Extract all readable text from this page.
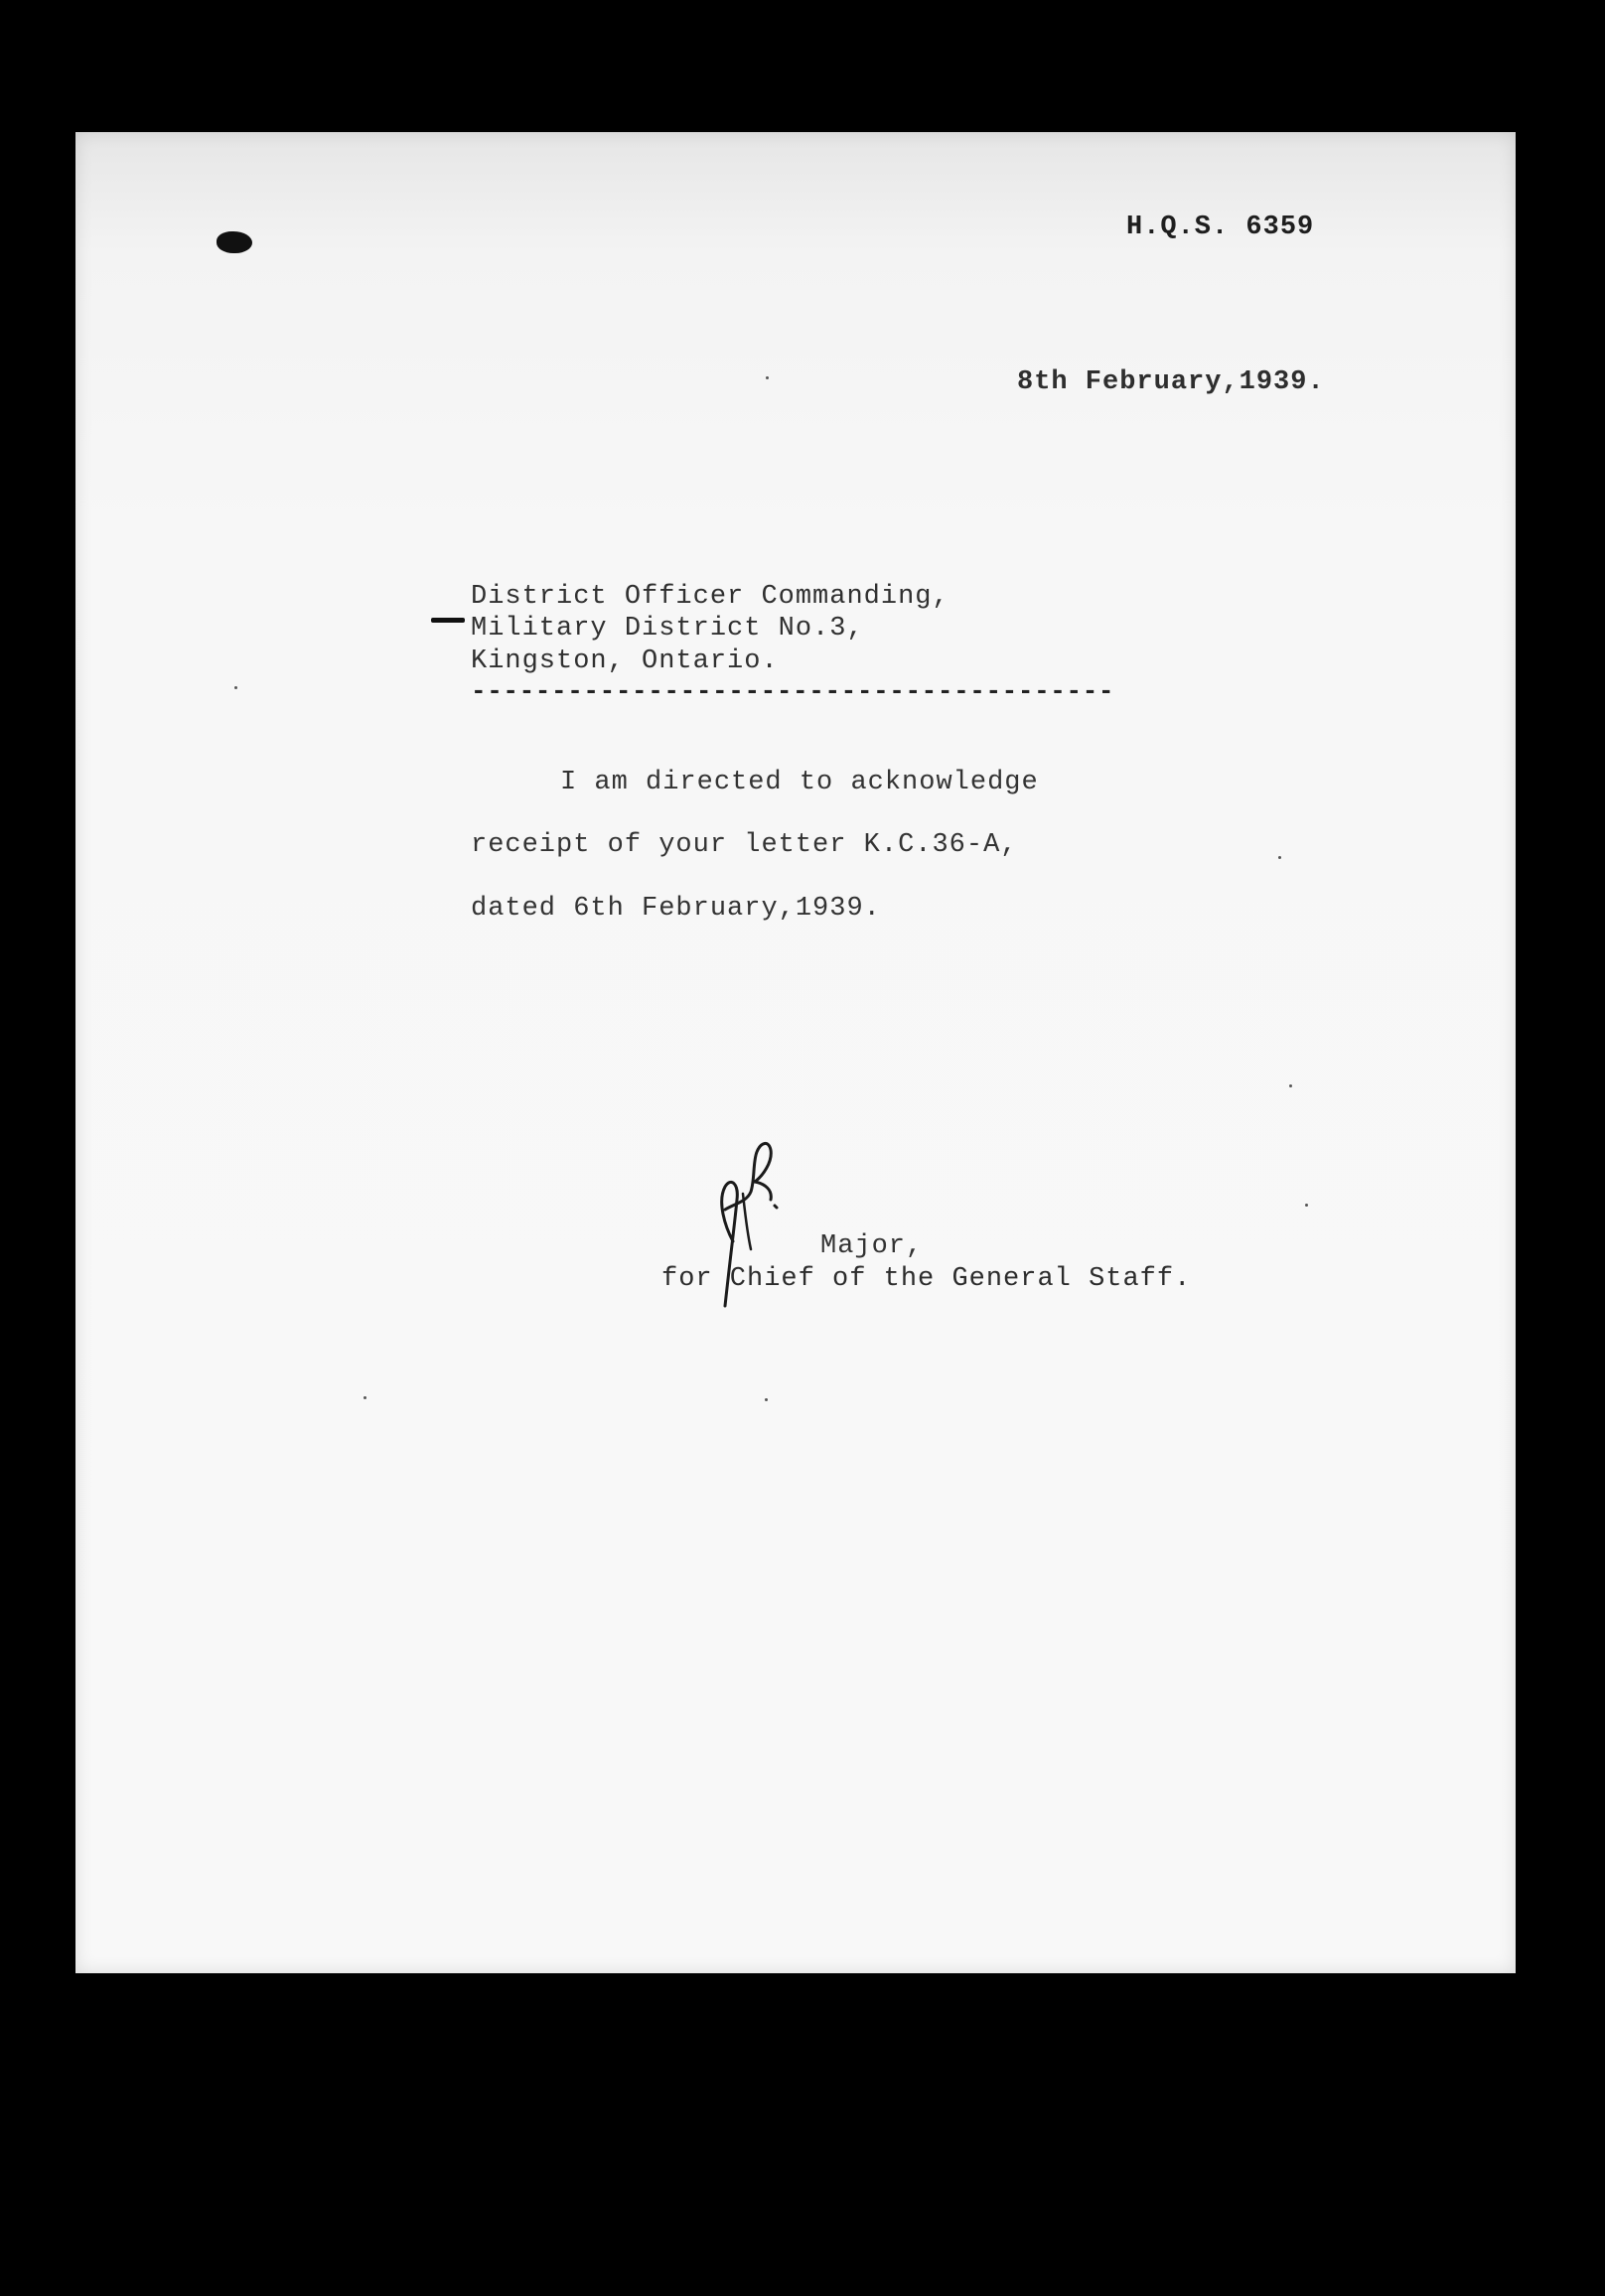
H.Q.S. 6359
8th February,1939.
District Officer Commanding,
Military District No.3,
Kingston, Ontario.
----------------------------------------
I am directed to acknowledge
receipt of your letter K.C.36-A,
dated 6th February,1939.
Major,
for Chief of the General Staff.
